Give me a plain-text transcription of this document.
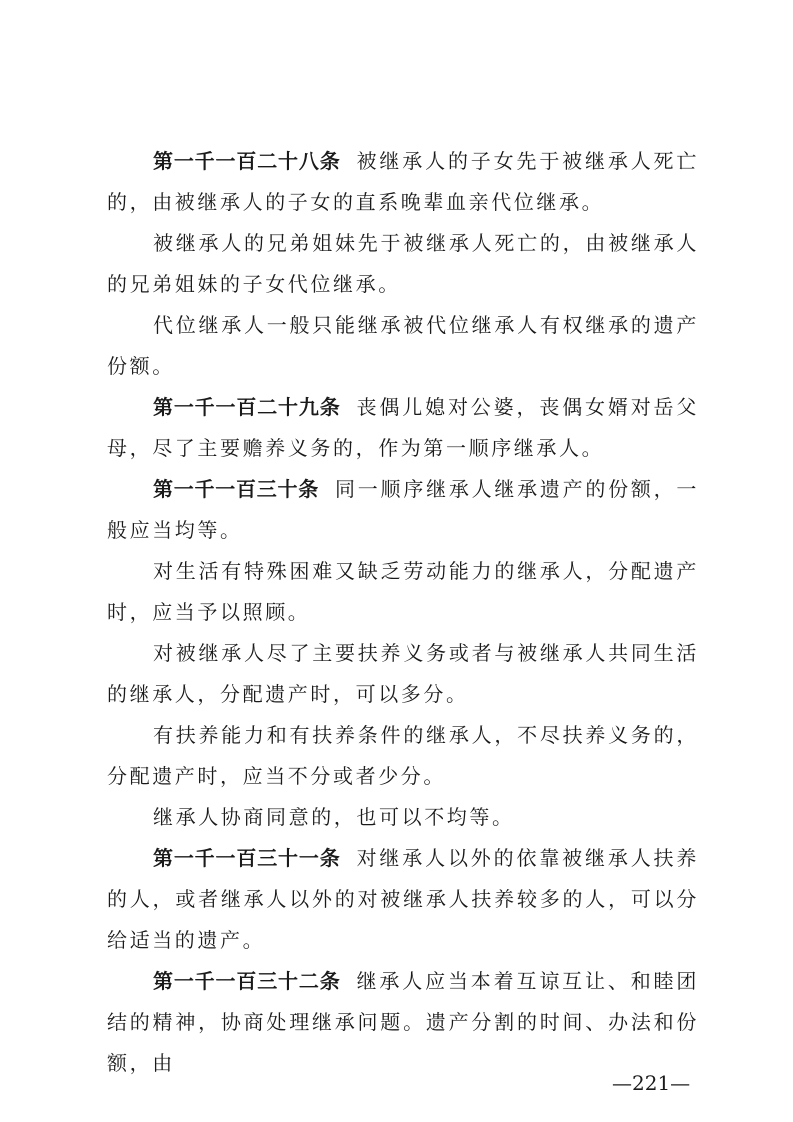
第一千一百二十八条 被继承人的子女先于被继承人死亡的，由被继承人的子女的直系晚辈血亲代位继承。

被继承人的兄弟姐妹先于被继承人死亡的，由被继承人的兄弟姐妹的子女代位继承。

代位继承人一般只能继承被代位继承人有权继承的遗产份额。

第一千一百二十九条 丧偶儿媳对公婆，丧偶女婿对岳父母，尽了主要赡养义务的，作为第一顺序继承人。

第一千一百三十条 同一顺序继承人继承遗产的份额，一般应当均等。

对生活有特殊困难又缺乏劳动能力的继承人，分配遗产时，应当予以照顾。

对被继承人尽了主要扶养义务或者与被继承人共同生活的继承人，分配遗产时，可以多分。

有扶养能力和有扶养条件的继承人，不尽扶养义务的，分配遗产时，应当不分或者少分。

继承人协商同意的，也可以不均等。

第一千一百三十一条 对继承人以外的依靠被继承人扶养的人，或者继承人以外的对被继承人扶养较多的人，可以分给适当的遗产。

第一千一百三十二条 继承人应当本着互谅互让、和睦团结的精神，协商处理继承问题。遗产分割的时间、办法和份额，由

—221—
